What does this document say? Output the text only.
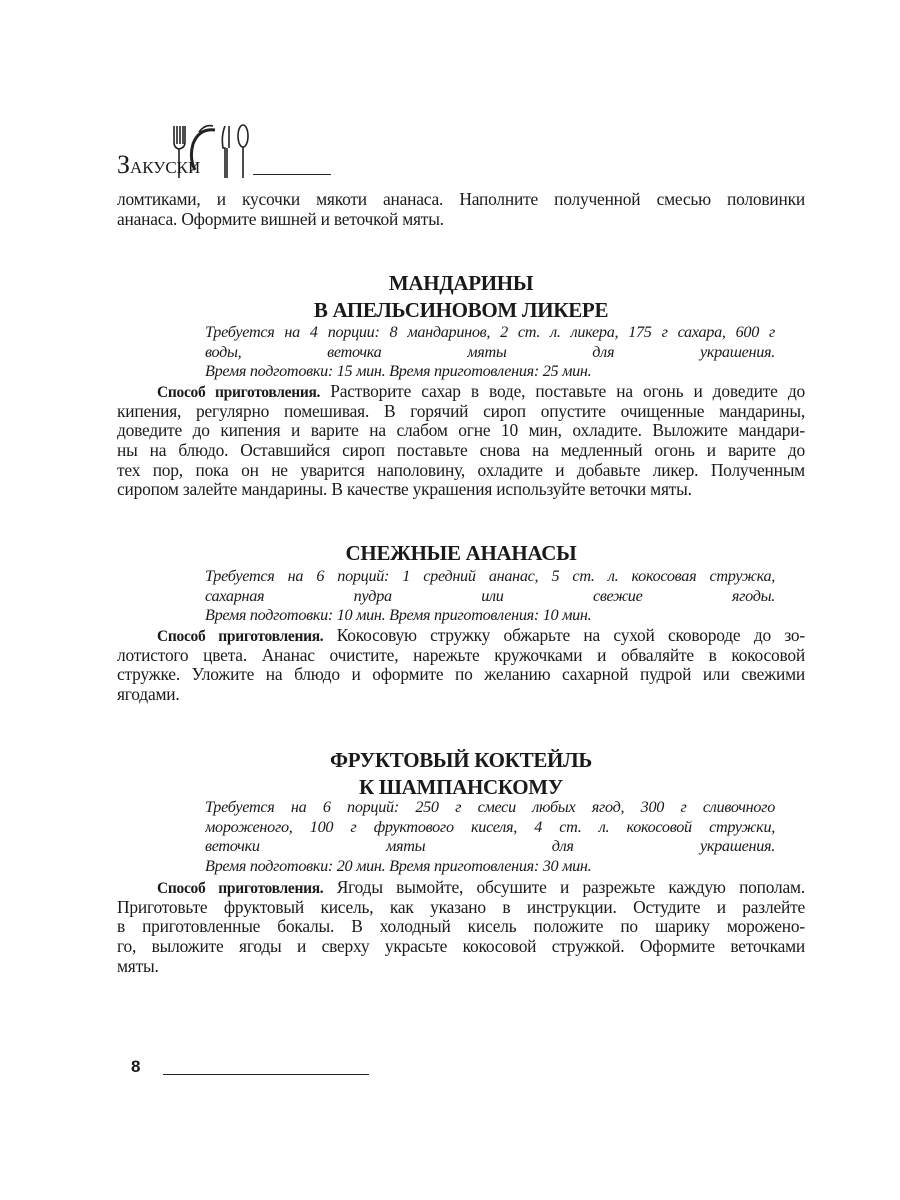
ЗАКУСКИ
ломтиками, и кусочки мякоти ананаса. Наполните полученной смесью половинки
ананаса. Оформите вишней и веточкой мяты.
МАНДАРИНЫ
В АПЕЛЬСИНОВОМ ЛИКЕРЕ
Требуется на 4 порции: 8 мандаринов, 2 ст. л. ликера, 175 г сахара, 600 г
воды, веточка мяты для украшения.
Время подготовки: 15 мин. Время приготовления: 25 мин.
Способ приготовления. Растворите сахар в воде, поставьте на огонь и доведите до
кипения, регулярно помешивая. В горячий сироп опустите очищенные мандарины,
доведите до кипения и варите на слабом огне 10 мин, охладите. Выложите мандари-
ны на блюдо. Оставшийся сироп поставьте снова на медленный огонь и варите до
тех пор, пока он не уварится наполовину, охладите и добавьте ликер. Полученным
сиропом залейте мандарины. В качестве украшения используйте веточки мяты.
СНЕЖНЫЕ АНАНАСЫ
Требуется на 6 порций: 1 средний ананас, 5 ст. л. кокосовая стружка,
сахарная пудра или свежие ягоды.
Время подготовки: 10 мин. Время приготовления: 10 мин.
Способ приготовления. Кокосовую стружку обжарьте на сухой сковороде до зо-
лотистого цвета. Ананас очистите, нарежьте кружочками и обваляйте в кокосовой
стружке. Уложите на блюдо и оформите по желанию сахарной пудрой или свежими
ягодами.
ФРУКТОВЫЙ КОКТЕЙЛЬ
К ШАМПАНСКОМУ
Требуется на 6 порций: 250 г смеси любых ягод, 300 г сливочного
мороженого, 100 г фруктового киселя, 4 ст. л. кокосовой стружки,
веточки мяты для украшения.
Время подготовки: 20 мин. Время приготовления: 30 мин.
Способ приготовления. Ягоды вымойте, обсушите и разрежьте каждую пополам.
Приготовьте фруктовый кисель, как указано в инструкции. Остудите и разлейте
в приготовленные бокалы. В холодный кисель положите по шарику морожено-
го, выложите ягоды и сверху украсьте кокосовой стружкой. Оформите веточками
мяты.
8
